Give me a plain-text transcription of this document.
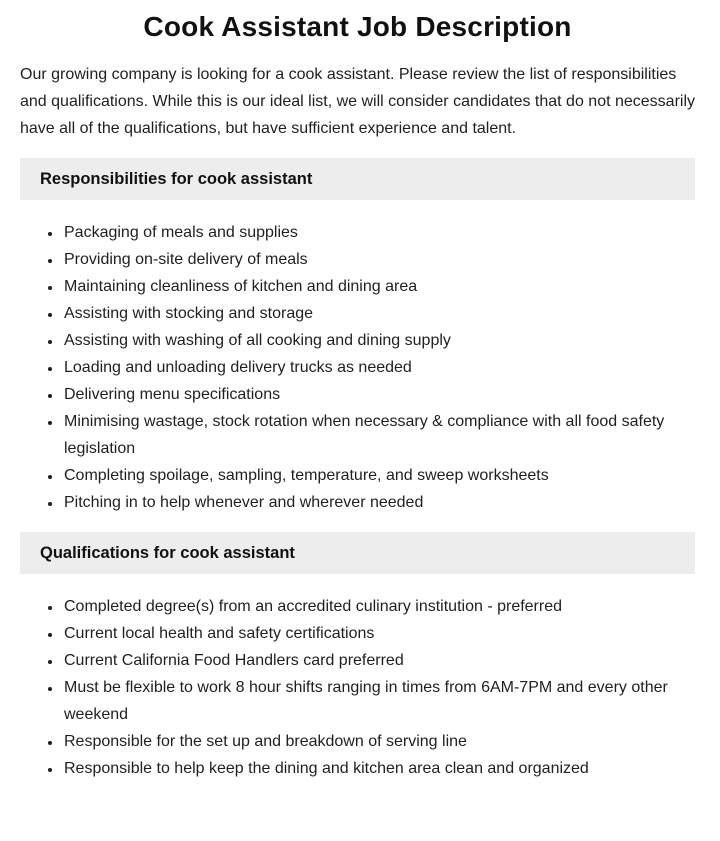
Cook Assistant Job Description

Our growing company is looking for a cook assistant. Please review the list of responsibilities and qualifications. While this is our ideal list, we will consider candidates that do not necessarily have all of the qualifications, but have sufficient experience and talent.

Responsibilities for cook assistant
• Packaging of meals and supplies
• Providing on-site delivery of meals
• Maintaining cleanliness of kitchen and dining area
• Assisting with stocking and storage
• Assisting with washing of all cooking and dining supply
• Loading and unloading delivery trucks as needed
• Delivering menu specifications
• Minimising wastage, stock rotation when necessary & compliance with all food safety legislation
• Completing spoilage, sampling, temperature, and sweep worksheets
• Pitching in to help whenever and wherever needed
Qualifications for cook assistant
• Completed degree(s) from an accredited culinary institution - preferred
• Current local health and safety certifications
• Current California Food Handlers card preferred
• Must be flexible to work 8 hour shifts ranging in times from 6AM-7PM and every other weekend
• Responsible for the set up and breakdown of serving line
• Responsible to help keep the dining and kitchen area clean and organized
